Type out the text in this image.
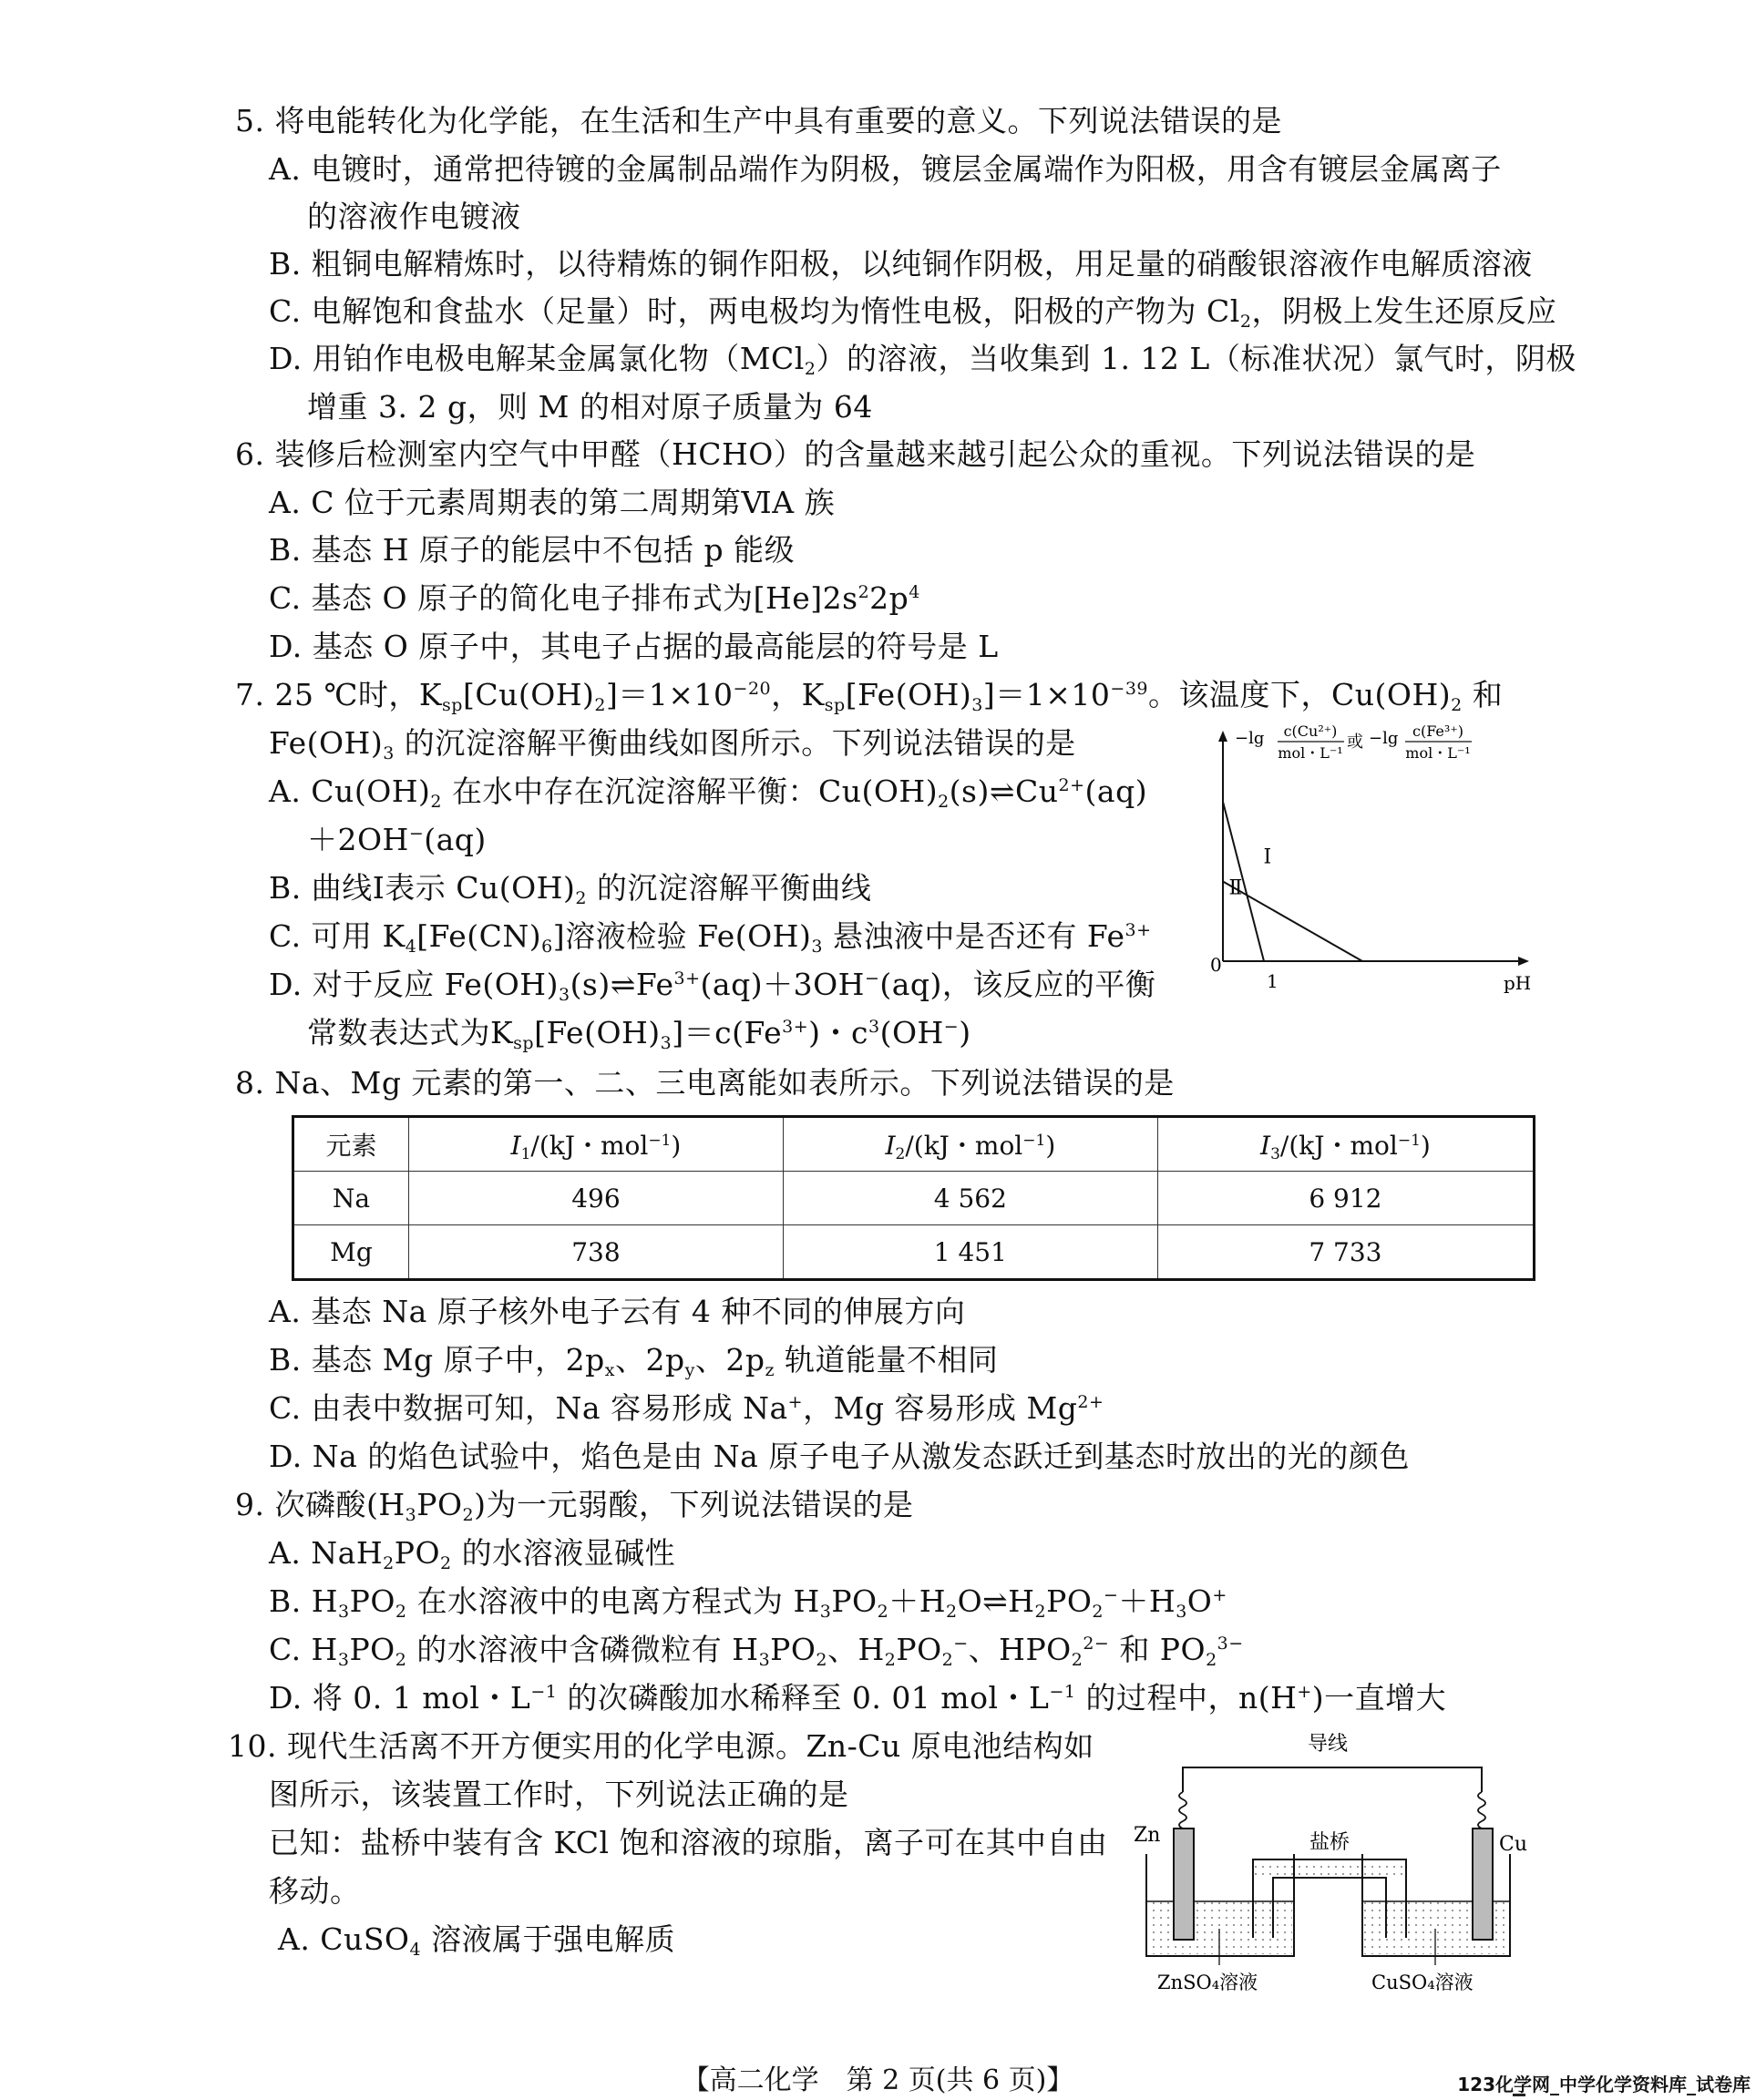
5. 将电能转化为化学能，在生活和生产中具有重要的意义。下列说法错误的是
A. 电镀时，通常把待镀的金属制品端作为阴极，镀层金属端作为阳极，用含有镀层金属离子
的溶液作电镀液
B. 粗铜电解精炼时，以待精炼的铜作阳极，以纯铜作阴极，用足量的硝酸银溶液作电解质溶液
C. 电解饱和食盐水（足量）时，两电极均为惰性电极，阳极的产物为 $Cl_2$，阴极上发生还原反应
D. 用铂作电极电解某金属氯化物（MCl$_2$）的溶液，当收集到 1. 12 L（标准状况）氯气时，阴极
增重 3. 2 g，则 M 的相对原子质量为 64
6. 装修后检测室内空气中甲醛（HCHO）的含量越来越引起公众的重视。下列说法错误的是
A. C 位于元素周期表的第二周期第ⅥA 族
B. 基态 H 原子的能层中不包括 p 能级
C. 基态 O 原子的简化电子排布式为$[He]2s^22p^4$
D. 基态 O 原子中，其电子占据的最高能层的符号是 L
7. 25 ℃时，$K_{sp}[Cu(OH)_2]=1\times 10^{-20}$，$K_{sp}[Fe(OH)_3]=1\times 10^{-39}$。该温度下，$Cu(OH)_2$ 和
$Fe(OH)_3$ 的沉淀溶解平衡曲线如图所示。下列说法错误的是
A. $Cu(OH)_2$ 在水中存在沉淀溶解平衡：$Cu(OH)_2(s)\rightleftharpoons Cu^{2+}(aq)$
＋2OH−(aq)
B. 曲线Ⅰ表示 $Cu(OH)_2$ 的沉淀溶解平衡曲线
C. 可用 $K_4[Fe(CN)_6]$溶液检验 $Fe(OH)_3$ 悬浊液中是否还有 $Fe^{3+}$
D. 对于反应 $Fe(OH)_3(s)\rightleftharpoons Fe^{3+}(aq)+3OH^-(aq)$，该反应的平衡
常数表达式为$K_{sp}[Fe(OH)_3]=c(Fe^{3+})$・$c^3(OH^-)$
−lg c(Cu²⁺)
mol・L⁻¹
或 −lg c(Fe³⁺)
mol・L⁻¹
0
1	pH
Ⅰ
Ⅱ
8. Na、Mg 元素的第一、二、三电离能如表所示。下列说法错误的是
元素	$I_1/(kJ$・mol$^{-1}$)	$I_2/(kJ$・mol$^{-1}$)	$I_3/(kJ$・mol$^{-1}$)
Na	496	4 562	6 912
Mg	738	1 451	7 733
A. 基态 Na 原子核外电子云有 4 种不同的伸展方向
B. 基态 Mg 原子中，$2p_x$、$2p_y$、$2p_z$ 轨道能量不相同
C. 由表中数据可知，Na 容易形成 Na+，Mg 容易形成 $Mg^{2+}$
D. Na 的焰色试验中，焰色是由 Na 原子电子从激发态跃迁到基态时放出的光的颜色
9. 次磷酸$(H_3PO_2)$为一元弱酸，下列说法错误的是
A. $NaH_2PO_2$ 的水溶液显碱性
B. $H_3PO_2$ 在水溶液中的电离方程式为 $H_3PO_2+H_2O\rightleftharpoons H_2PO_2^-+H_3O^+$
C. $H_3PO_2$ 的水溶液中含磷微粒有 $H_3PO_2$、$H_2PO_2^-$、$HPO_2^{2-}$ 和 $PO_2^{3-}$
D. 将 0. 1 mol・$L^{-1}$ 的次磷酸加水稀释至 0. 01 mol・$L^{-1}$ 的过程中，n(H+)一直增大
10. 现代生活离不开方便实用的化学电源。Zn-Cu 原电池结构如
图所示，该装置工作时，下列说法正确的是
已知：盐桥中装有含 KCl 饱和溶液的琼脂，离子可在其中自由
移动。
A. CuSO$_4$ 溶液属于强电解质
导线
盐桥
Zn	Cu
ZnSO₄溶液	CuSO₄溶液
【高二化学　第 2 页(共 6 页)】	123化学网_中学化学资料库_试卷库
